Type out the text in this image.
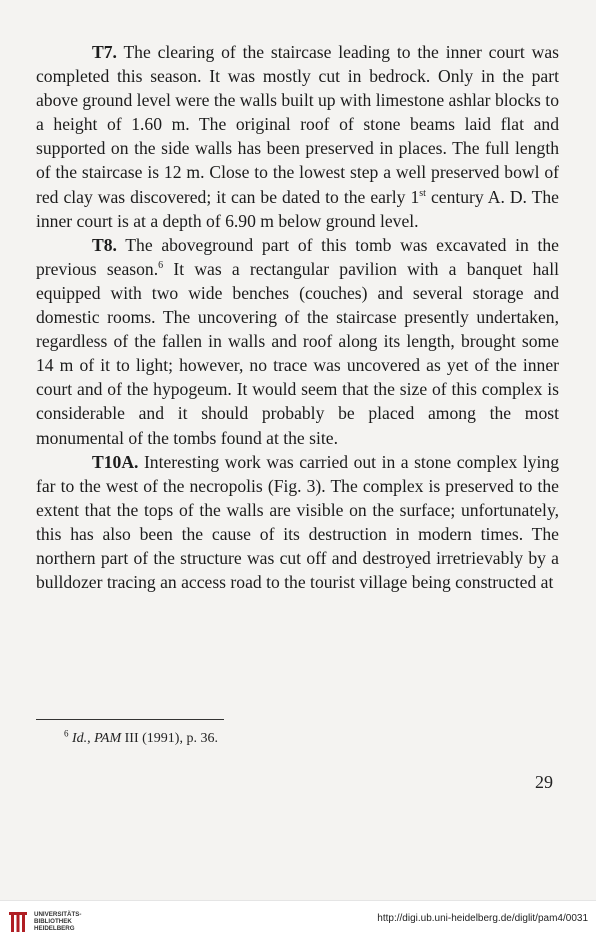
T7. The clearing of the staircase leading to the inner court was completed this season. It was mostly cut in bedrock. Only in the part above ground level were the walls built up with limestone ashlar blocks to a height of 1.60 m. The original roof of stone beams laid flat and supported on the side walls has been preserved in places. The full length of the staircase is 12 m. Close to the lowest step a well preserved bowl of red clay was discovered; it can be dated to the early 1st century A. D. The inner court is at a depth of 6.90 m below ground level.

T8. The aboveground part of this tomb was excavated in the previous season.$^6$ It was a rectangular pavilion with a banquet hall equipped with two wide benches (couches) and several storage and domestic rooms. The uncovering of the staircase presently undertaken, regardless of the fallen in walls and roof along its length, brought some 14 m of it to light; however, no trace was uncovered as yet of the inner court and of the hypogeum. It would seem that the size of this complex is considerable and it should probably be placed among the most monumental of the tombs found at the site.

T10A. Interesting work was carried out in a stone complex lying far to the west of the necropolis (Fig. 3). The complex is preserved to the extent that the tops of the walls are visible on the surface; unfortunately, this has also been the cause of its destruction in modern times. The northern part of the structure was cut off and destroyed irretrievably by a bulldozer tracing an access road to the tourist village being constructed at

$^6$ Id., PAM III (1991), p. 36.
29
UNIVERSITÄTS-
BIBLIOTHEK
HEIDELBERG
http://digi.ub.uni-heidelberg.de/diglit/pam4/0031
